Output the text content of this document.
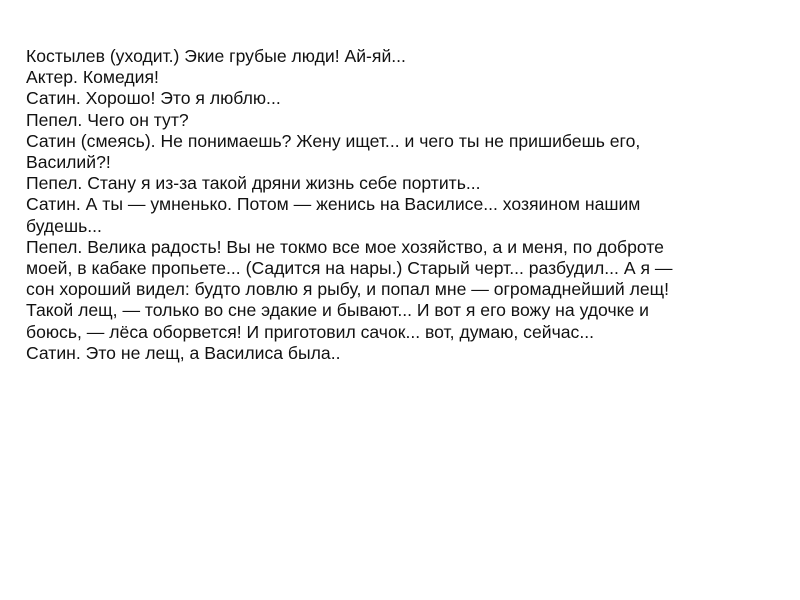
Костылев (уходит.) Экие грубые люди! Ай-яй...
Актер. Комедия!
Сатин. Хорошо! Это я люблю...
Пепел. Чего он тут?
Сатин (смеясь). Не понимаешь? Жену ищет... и чего ты не пришибешь его,
Василий?!
Пепел. Стану я из-за такой дряни жизнь себе портить...
Сатин. А ты — умненько. Потом — женись на Василисе... хозяином нашим
будешь...
Пепел. Велика радость! Вы не токмо все мое хозяйство, а и меня, по доброте
моей, в кабаке пропьете... (Садится на нары.) Старый черт... разбудил... А я —
сон хороший видел: будто ловлю я рыбу, и попал мне — огромаднейший лещ!
Такой лещ, — только во сне эдакие и бывают... И вот я его вожу на удочке и
боюсь, — лёса оборвется! И приготовил сачок... вот, думаю, сейчас...
Сатин. Это не лещ, а Василиса была..
